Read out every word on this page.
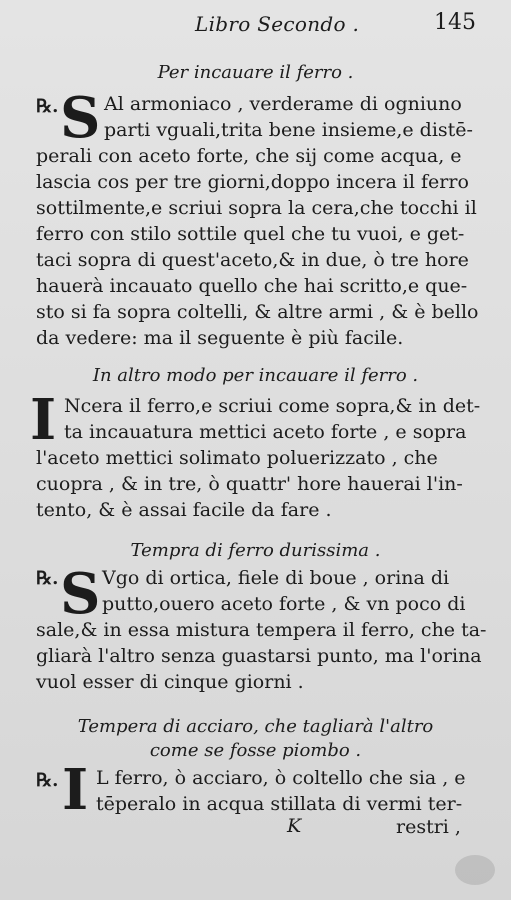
Libro Secondo .	145
Per incauare il ferro .
℞. S Al armoniaco , verderame di ogniuno
parti vguali,trita bene insieme,e distē-
perali con aceto forte, che sij come acqua, e
lascia cos per tre giorni,doppo incera il ferro
sottilmente,e scriui sopra la cera,che tocchi il
ferro con stilo sottile quel che tu vuoi, e get-
taci sopra di quest'aceto,& in due, ò tre hore
hauerà incauato quello che hai scritto,e que-
sto si fa sopra coltelli, & altre armi , & è bello
da vedere: ma il seguente è più facile.
In altro modo per incauare il ferro .
I Ncera il ferro,e scriui come sopra,& in det-
ta incauatura mettici aceto forte , e sopra
l'aceto mettici solimato poluerizzato , che
cuopra , & in tre, ò quattr' hore hauerai l'in-
tento, & è assai facile da fare .
Tempra di ferro durissima .
℞. S Vgo di ortica, fiele di boue , orina di
putto,ouero aceto forte , & vn poco di
sale,& in essa mistura tempera il ferro, che ta-
gliarà l'altro senza guastarsi punto, ma l'orina
vuol esser di cinque giorni .
Tempera di acciaro, che tagliarà l'altro
come se fosse piombo .
℞. I L ferro, ò acciaro, ò coltello che sia , e
tēperalo in acqua stillata di vermi ter-
restri ,
K
